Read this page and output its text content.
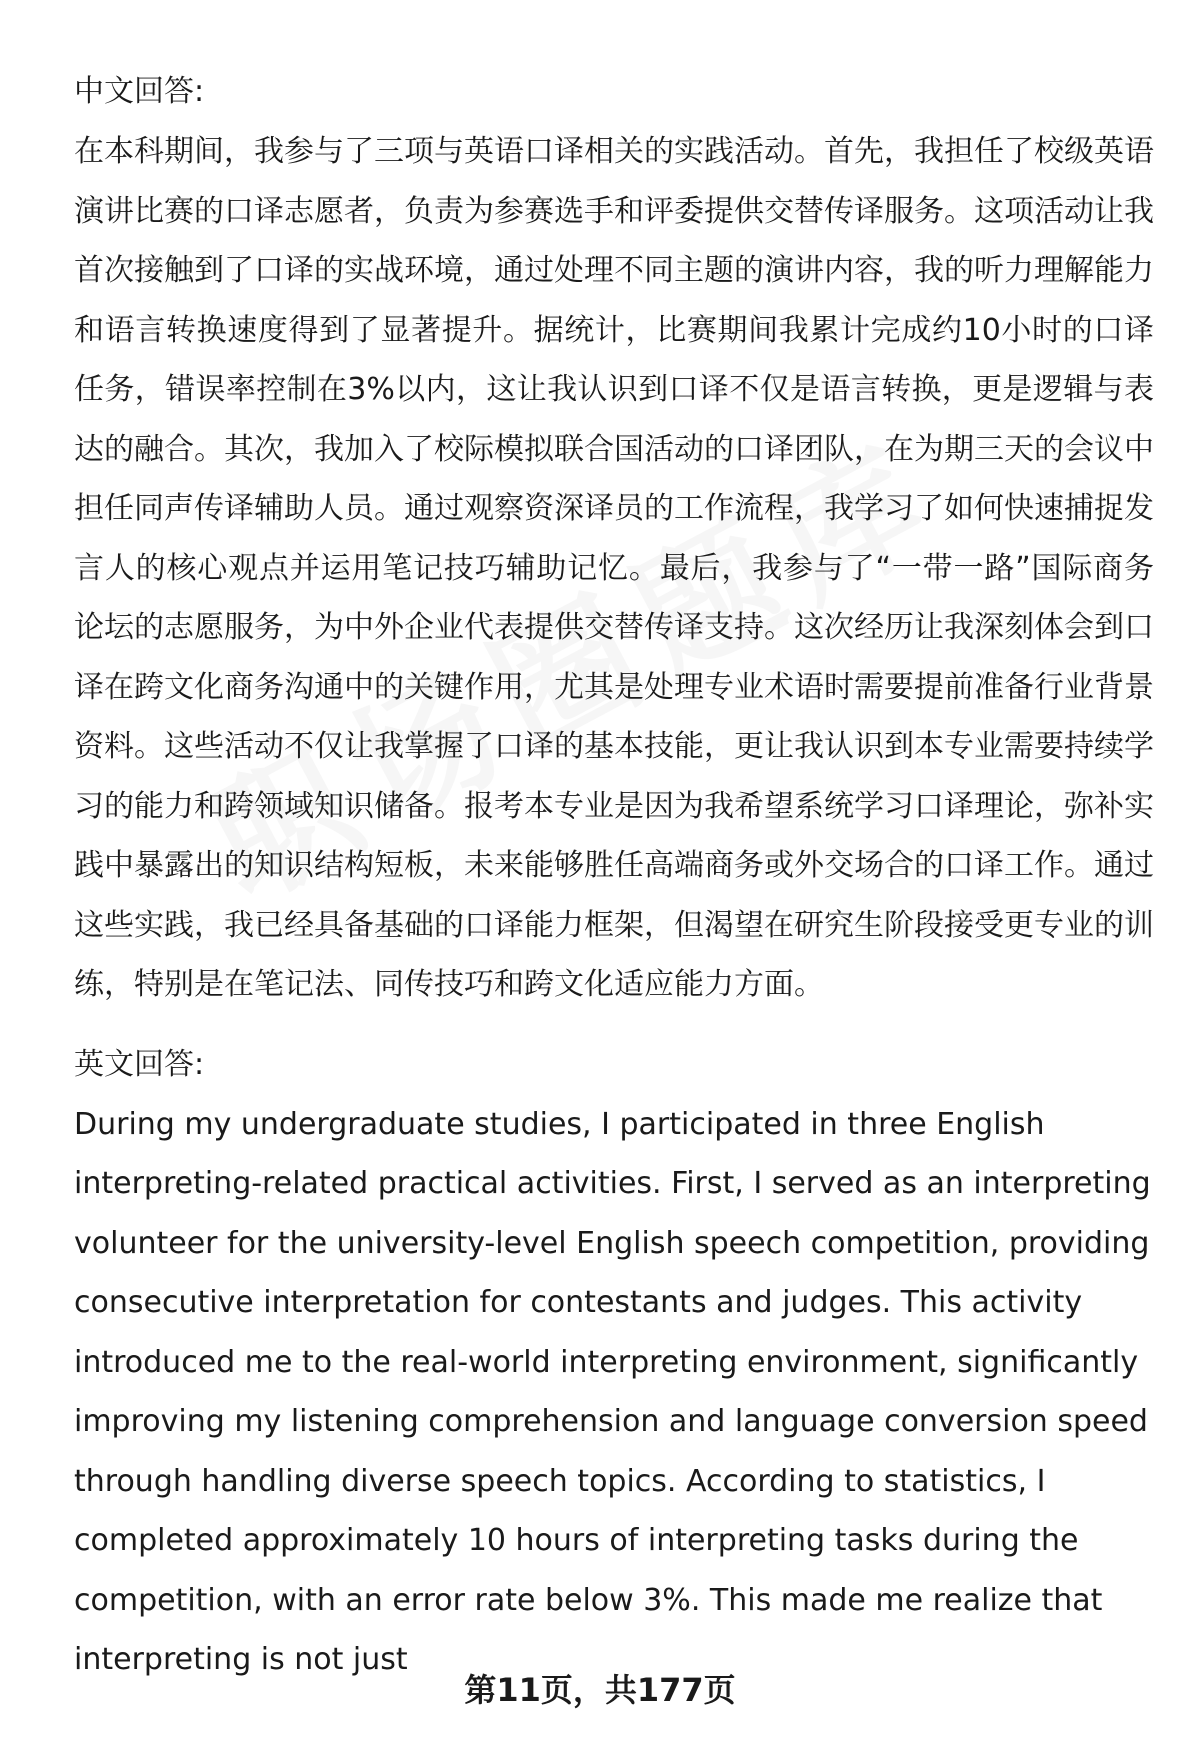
中文回答:

在本科期间，我参与了三项与英语口译相关的实践活动。首先，我担任了校级英语演讲比赛的口译志愿者，负责为参赛选手和评委提供交替传译服务。这项活动让我首次接触到了口译的实战环境，通过处理不同主题的演讲内容，我的听力理解能力和语言转换速度得到了显著提升。据统计，比赛期间我累计完成约10小时的口译任务，错误率控制在3%以内，这让我认识到口译不仅是语言转换，更是逻辑与表达的融合。其次，我加入了校际模拟联合国活动的口译团队，在为期三天的会议中担任同声传译辅助人员。通过观察资深译员的工作流程，我学习了如何快速捕捉发言人的核心观点并运用笔记技巧辅助记忆。最后，我参与了“一带一路”国际商务论坛的志愿服务，为中外企业代表提供交替传译支持。这次经历让我深刻体会到口译在跨文化商务沟通中的关键作用，尤其是处理专业术语时需要提前准备行业背景资料。这些活动不仅让我掌握了口译的基本技能，更让我认识到本专业需要持续学习的能力和跨领域知识储备。报考本专业是因为我希望系统学习口译理论，弥补实践中暴露出的知识结构短板，未来能够胜任高端商务或外交场合的口译工作。通过这些实践，我已经具备基础的口译能力框架，但渴望在研究生阶段接受更专业的训练，特别是在笔记法、同传技巧和跨文化适应能力方面。

英文回答:

During my undergraduate studies, I participated in three English interpreting-related practical activities. First, I served as an interpreting volunteer for the university-level English speech competition, providing consecutive interpretation for contestants and judges. This activity introduced me to the real-world interpreting environment, significantly improving my listening comprehension and language conversion speed through handling diverse speech topics. According to statistics, I completed approximately 10 hours of interpreting tasks during the competition, with an error rate below 3%. This made me realize that interpreting is not just

第11页，共177页
